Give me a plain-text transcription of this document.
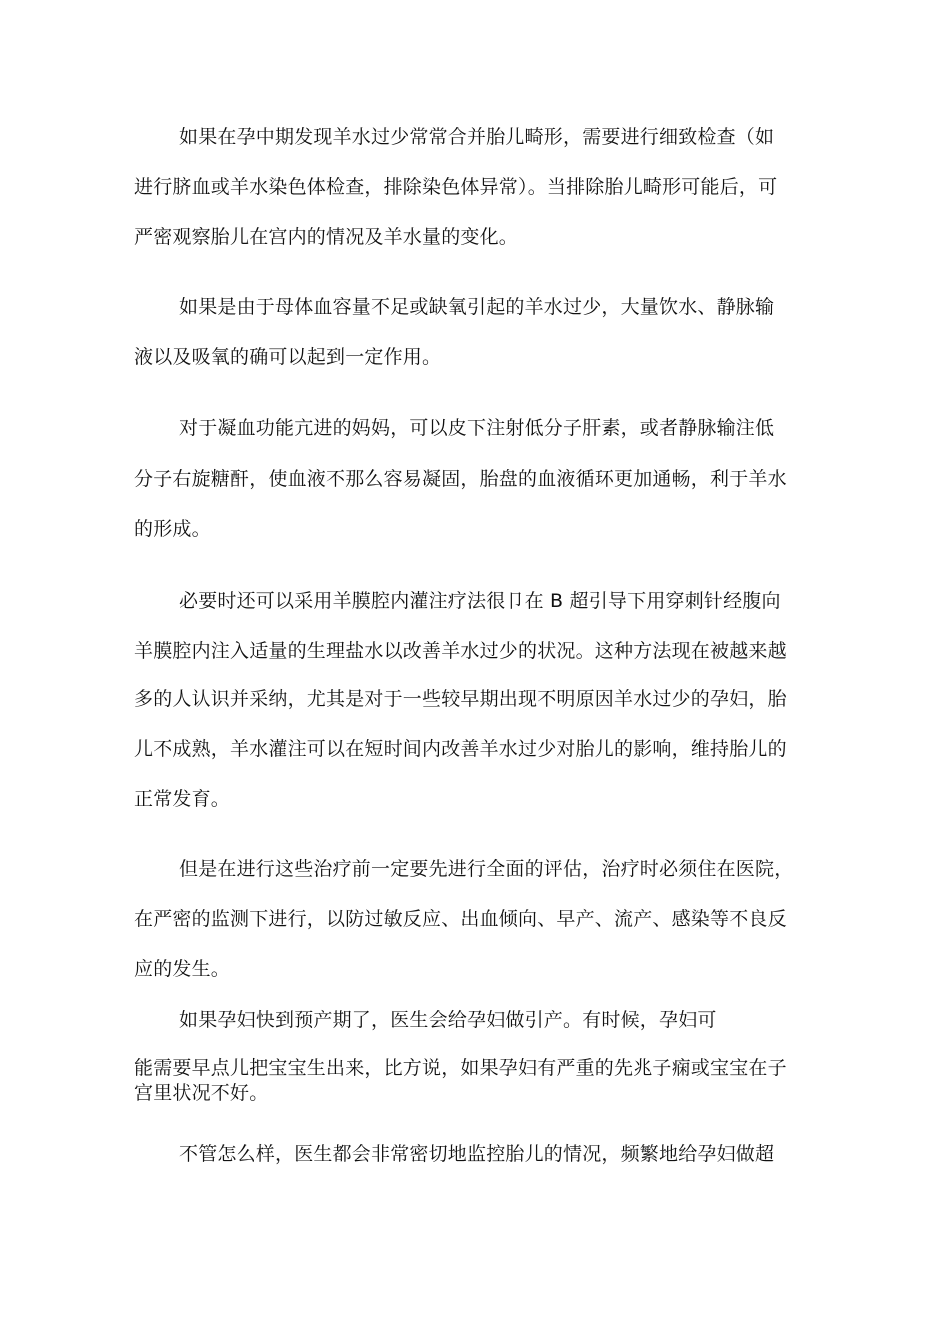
如果在孕中期发现羊水过少常常合并胎儿畸形，需要进行细致检查（如
进行脐血或羊水染色体检查，排除染色体异常）。当排除胎儿畸形可能后，可
严密观察胎儿在宫内的情况及羊水量的变化。
如果是由于母体血容量不足或缺氧引起的羊水过少，大量饮水、静脉输
液以及吸氧的确可以起到一定作用。
对于凝血功能亢进的妈妈，可以皮下注射低分子肝素，或者静脉输注低
分子右旋糖酐，使血液不那么容易凝固，胎盘的血液循环更加通畅，利于羊水
的形成。
必要时还可以采用羊膜腔内灌注疗法很卩在 B 超引导下用穿刺针经腹向
羊膜腔内注入适量的生理盐水以改善羊水过少的状况。这种方法现在被越来越
多的人认识并采纳，尤其是对于一些较早期出现不明原因羊水过少的孕妇，胎
儿不成熟，羊水灌注可以在短时间内改善羊水过少对胎儿的影响，维持胎儿的
正常发育。
但是在进行这些治疗前一定要先进行全面的评估，治疗时必须住在医院，
在严密的监测下进行，以防过敏反应、出血倾向、早产、流产、感染等不良反
应的发生。
如果孕妇快到预产期了，医生会给孕妇做引产。有时候，孕妇可
能需要早点儿把宝宝生出来，比方说，如果孕妇有严重的先兆子痫或宝宝在子
宫里状况不好。
不管怎么样，医生都会非常密切地监控胎儿的情况，频繁地给孕妇做超
